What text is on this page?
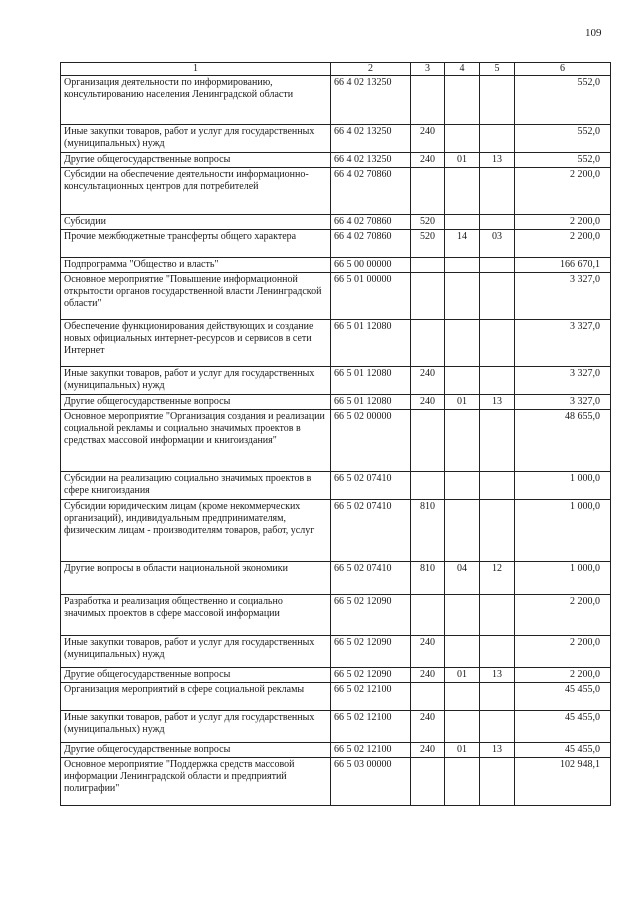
109
1	2	3	4	5	6
Организация деятельности по информированию, консультированию населения Ленинградской области	66 4 02 13250				552,0
Иные закупки товаров, работ и услуг для государственных (муниципальных) нужд	66 4 02 13250	240			552,0
Другие общегосударственные вопросы	66 4 02 13250	240	01	13	552,0
Субсидии на обеспечение деятельности информационно-консультационных центров для потребителей	66 4 02 70860				2 200,0
Субсидии	66 4 02 70860	520			2 200,0
Прочие межбюджетные трансферты общего характера	66 4 02 70860	520	14	03	2 200,0
Подпрограмма "Общество и власть"	66 5 00 00000				166 670,1
Основное мероприятие "Повышение информационной открытости органов государственной власти Ленинградской области"	66 5 01 00000				3 327,0
Обеспечение функционирования действующих и создание новых официальных интернет-ресурсов и сервисов в сети Интернет	66 5 01 12080				3 327,0
Иные закупки товаров, работ и услуг для государственных (муниципальных) нужд	66 5 01 12080	240			3 327,0
Другие общегосударственные вопросы	66 5 01 12080	240	01	13	3 327,0
Основное мероприятие "Организация создания и реализации социальной рекламы и социально значимых проектов в средствах массовой информации и книгоиздания"	66 5 02 00000				48 655,0
Субсидии на реализацию социально значимых проектов в сфере книгоиздания	66 5 02 07410				1 000,0
Субсидии юридическим лицам (кроме некоммерческих организаций), индивидуальным предпринимателям, физическим лицам - производителям товаров, работ, услуг	66 5 02 07410	810			1 000,0
Другие вопросы в области национальной экономики	66 5 02 07410	810	04	12	1 000,0
Разработка и реализация общественно и социально значимых проектов в сфере массовой информации	66 5 02 12090				2 200,0
Иные закупки товаров, работ и услуг для государственных (муниципальных) нужд	66 5 02 12090	240			2 200,0
Другие общегосударственные вопросы	66 5 02 12090	240	01	13	2 200,0
Организация мероприятий в сфере социальной рекламы	66 5 02 12100				45 455,0
Иные закупки товаров, работ и услуг для государственных (муниципальных) нужд	66 5 02 12100	240			45 455,0
Другие общегосударственные вопросы	66 5 02 12100	240	01	13	45 455,0
Основное мероприятие "Поддержка средств массовой информации Ленинградской области и предприятий полиграфии"	66 5 03 00000				102 948,1
